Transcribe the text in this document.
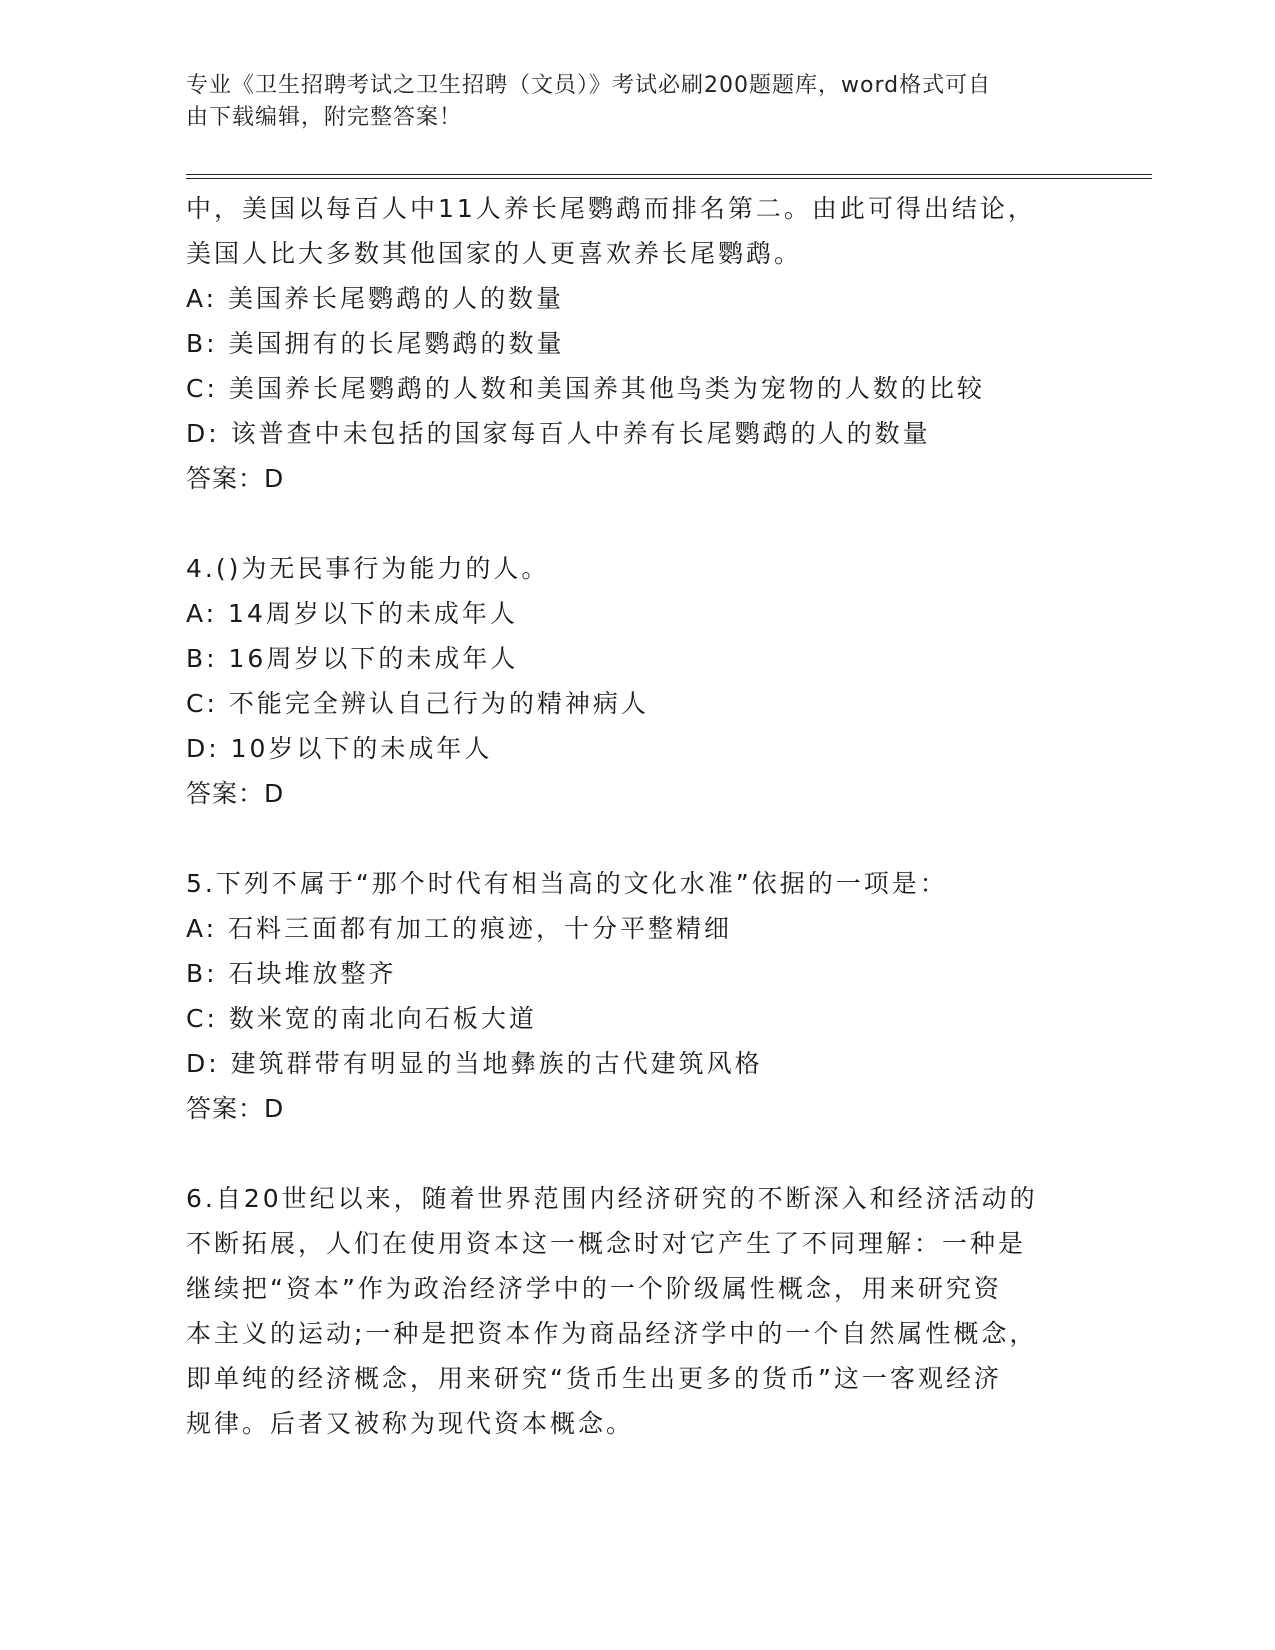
专业《卫生招聘考试之卫生招聘（文员）》考试必刷200题题库，word格式可自
由下载编辑，附完整答案！
中，美国以每百人中11人养长尾鹦鹉而排名第二。由此可得出结论，
美国人比大多数其他国家的人更喜欢养长尾鹦鹉。
A: 美国养长尾鹦鹉的人的数量
B: 美国拥有的长尾鹦鹉的数量
C: 美国养长尾鹦鹉的人数和美国养其他鸟类为宠物的人数的比较
D: 该普查中未包括的国家每百人中养有长尾鹦鹉的人的数量
答案：D
4.()为无民事行为能力的人。
A: 14周岁以下的未成年人
B: 16周岁以下的未成年人
C: 不能完全辨认自己行为的精神病人
D: 10岁以下的未成年人
答案：D
5.下列不属于“那个时代有相当高的文化水准”依据的一项是：
A: 石料三面都有加工的痕迹，十分平整精细
B: 石块堆放整齐
C: 数米宽的南北向石板大道
D: 建筑群带有明显的当地彝族的古代建筑风格
答案：D
6.自20世纪以来，随着世界范围内经济研究的不断深入和经济活动的
不断拓展，人们在使用资本这一概念时对它产生了不同理解：一种是
继续把“资本”作为政治经济学中的一个阶级属性概念，用来研究资
本主义的运动;一种是把资本作为商品经济学中的一个自然属性概念，
即单纯的经济概念，用来研究“货币生出更多的货币”这一客观经济
规律。后者又被称为现代资本概念。
